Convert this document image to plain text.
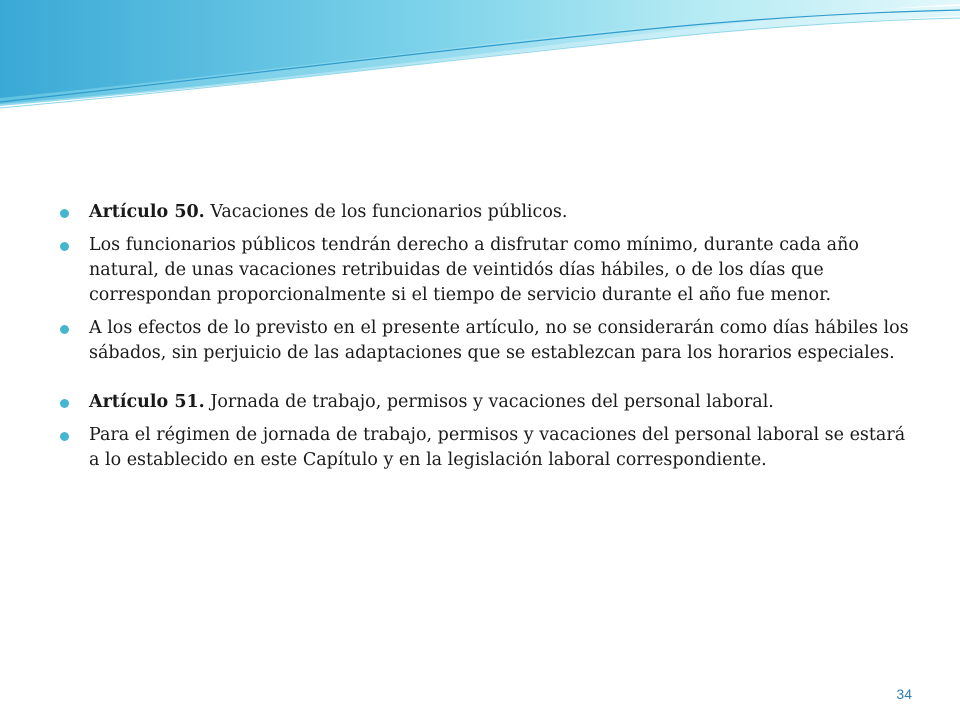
Artículo 50. Vacaciones de los funcionarios públicos.
Los funcionarios públicos tendrán derecho a disfrutar como mínimo, durante cada año natural, de unas vacaciones retribuidas de veintidós días hábiles, o de los días que correspondan proporcionalmente si el tiempo de servicio durante el año fue menor.
A los efectos de lo previsto en el presente artículo, no se considerarán como días hábiles los sábados, sin perjuicio de las adaptaciones que se establezcan para los horarios especiales.
Artículo 51. Jornada de trabajo, permisos y vacaciones del personal laboral.
Para el régimen de jornada de trabajo, permisos y vacaciones del personal laboral se estará a lo establecido en este Capítulo y en la legislación laboral correspondiente.
34
